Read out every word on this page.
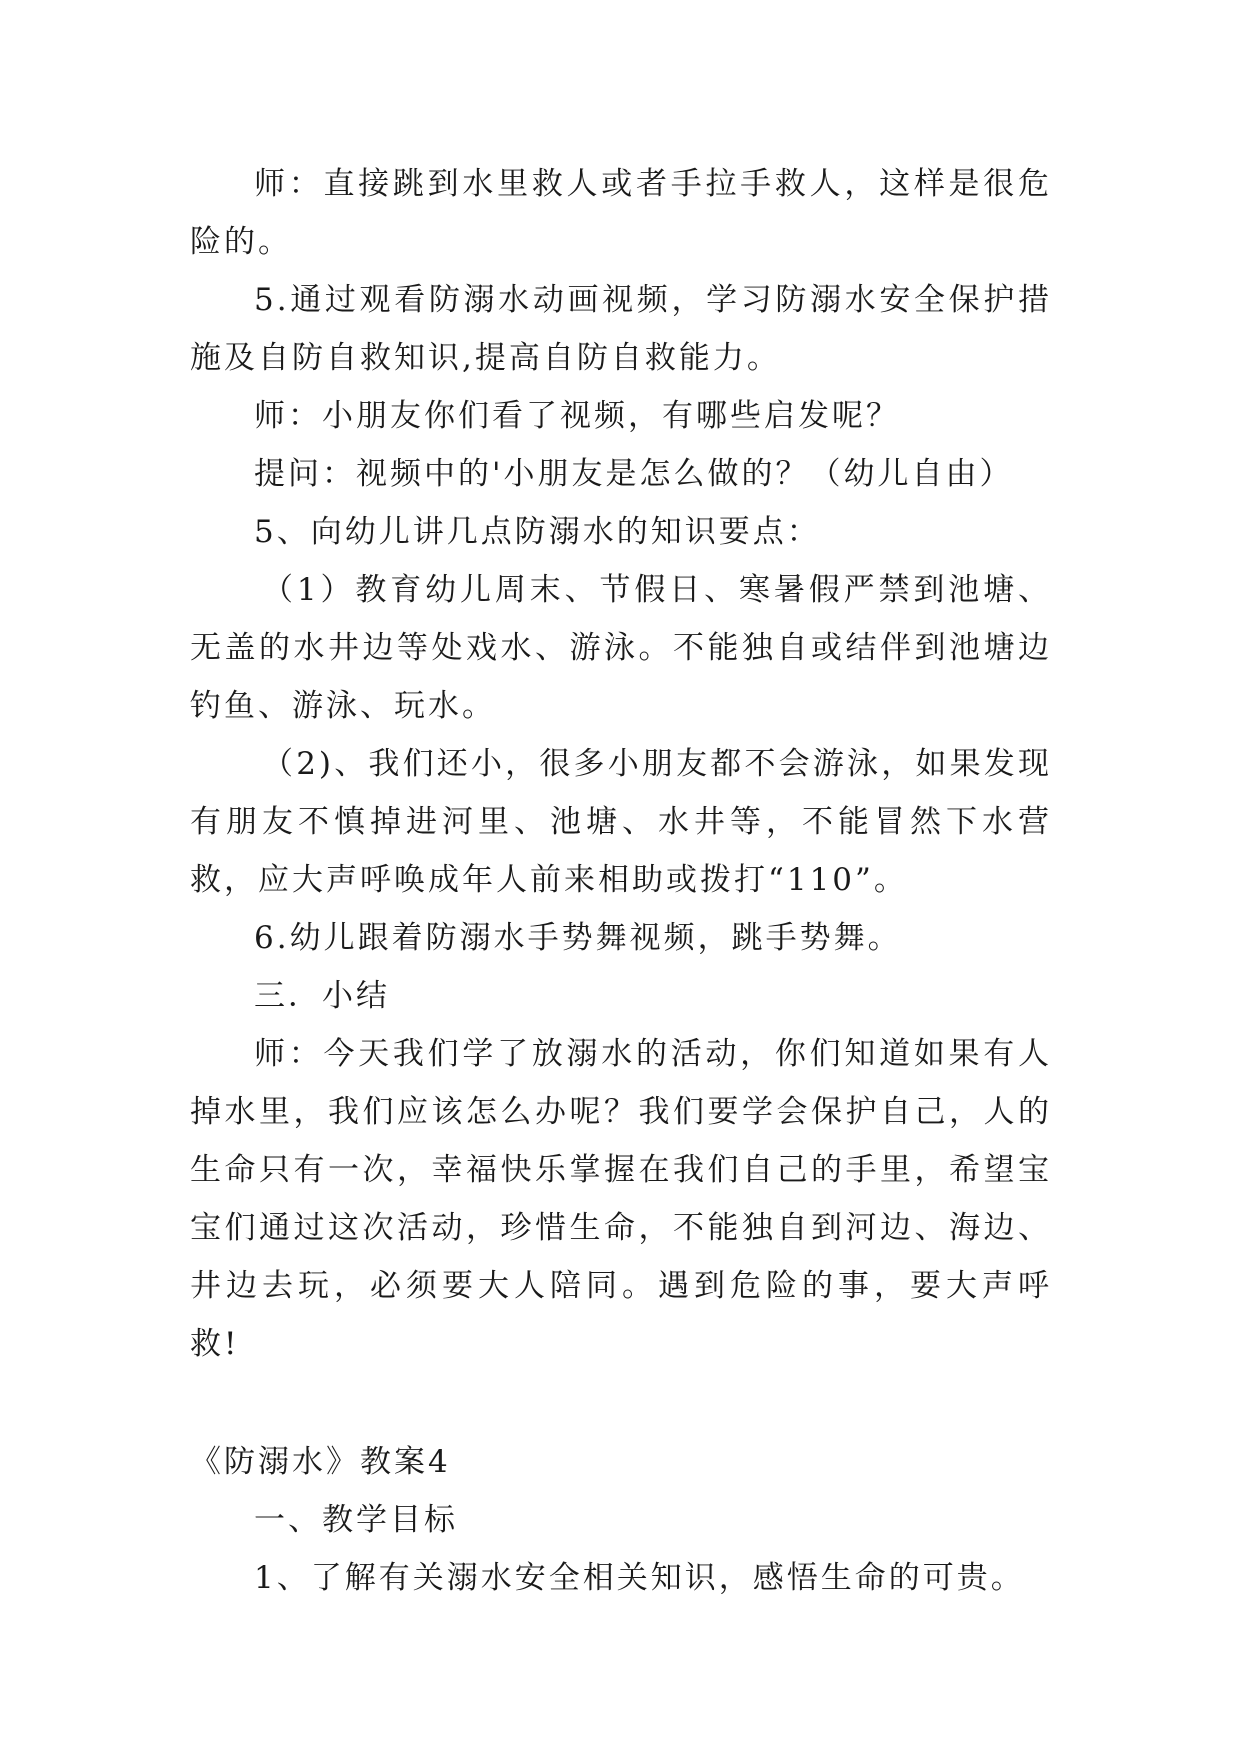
师：直接跳到水里救人或者手拉手救人，这样是很危险的。

5.通过观看防溺水动画视频，学习防溺水安全保护措施及自防自救知识,提高自防自救能力。

师：小朋友你们看了视频，有哪些启发呢？

提问：视频中的'小朋友是怎么做的？（幼儿自由）

5、向幼儿讲几点防溺水的知识要点：

（1）教育幼儿周末、节假日、寒暑假严禁到池塘、无盖的水井边等处戏水、游泳。不能独自或结伴到池塘边钓鱼、游泳、玩水。

（2)、我们还小，很多小朋友都不会游泳，如果发现有朋友不慎掉进河里、池塘、水井等，不能冒然下水营救，应大声呼唤成年人前来相助或拨打“110”。

6.幼儿跟着防溺水手势舞视频，跳手势舞。

三．小结

师：今天我们学了放溺水的活动，你们知道如果有人掉水里，我们应该怎么办呢？我们要学会保护自己，人的生命只有一次，幸福快乐掌握在我们自己的手里，希望宝宝们通过这次活动，珍惜生命，不能独自到河边、海边、井边去玩，必须要大人陪同。遇到危险的事，要大声呼救!

《防溺水》教案4

一、教学目标

1、了解有关溺水安全相关知识，感悟生命的可贵。
